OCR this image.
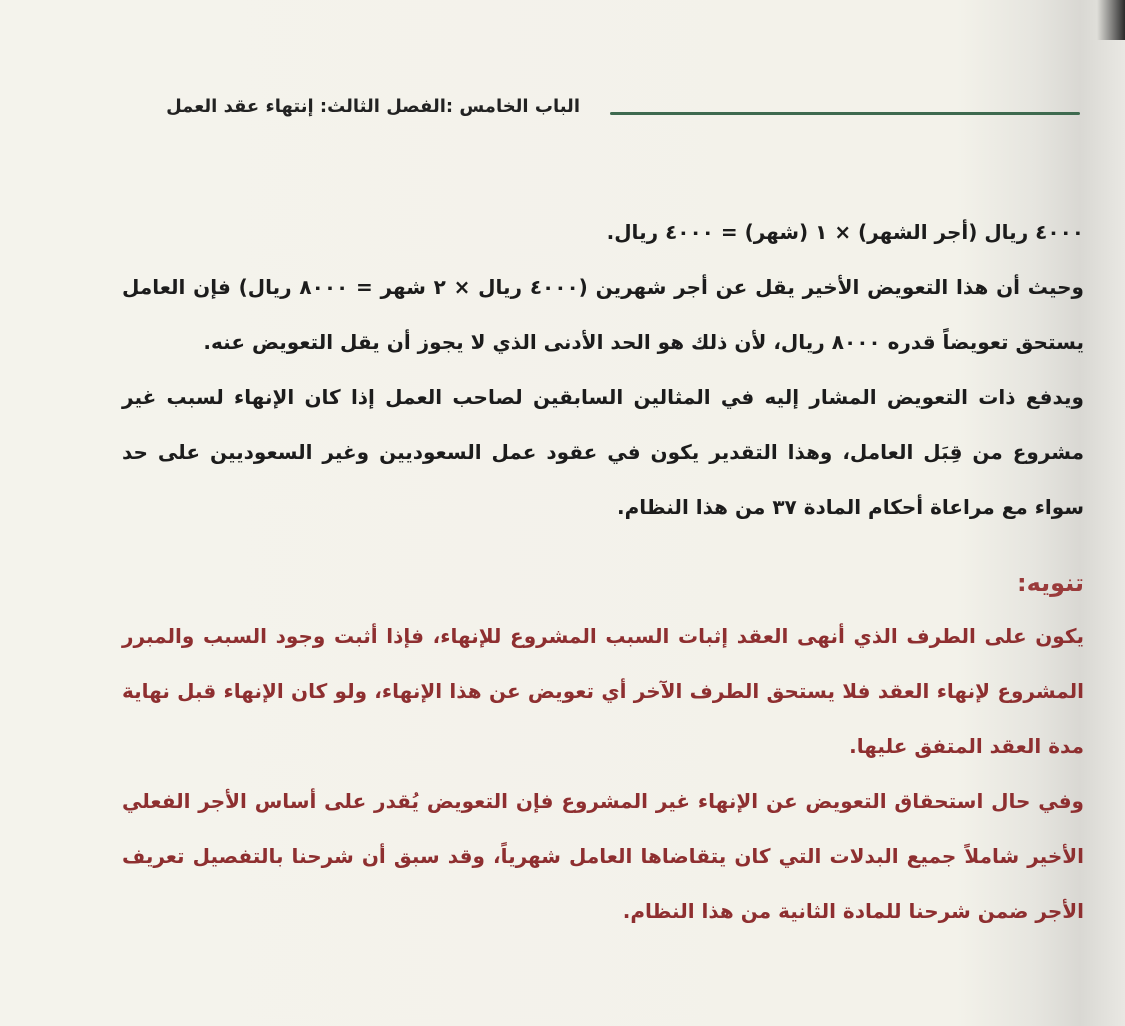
الباب الخامس :الفصل الثالث: إنتهاء عقد العمل

٤٠٠٠ ريال (أجر الشهر) × ١ (شهر) = ٤٠٠٠ ريال.

وحيث أن هذا التعويض الأخير يقل عن أجر شهرين (٤٠٠٠ ريال × ٢ شهر = ٨٠٠٠ ريال) فإن العامل يستحق تعويضاً قدره ٨٠٠٠ ريال، لأن ذلك هو الحد الأدنى الذي لا يجوز أن يقل التعويض عنه.

ويدفع ذات التعويض المشار إليه في المثالين السابقين لصاحب العمل إذا كان الإنهاء لسبب غير مشروع من قِبَل العامل، وهذا التقدير يكون في عقود عمل السعوديين وغير السعوديين على حد سواء مع مراعاة أحكام المادة ٣٧ من هذا النظام.

تنويه:

يكون على الطرف الذي أنهى العقد إثبات السبب المشروع للإنهاء، فإذا أثبت وجود السبب والمبرر المشروع لإنهاء العقد فلا يستحق الطرف الآخر أي تعويض عن هذا الإنهاء، ولو كان الإنهاء قبل نهاية مدة العقد المتفق عليها.

وفي حال استحقاق التعويض عن الإنهاء غير المشروع فإن التعويض يُقدر على أساس الأجر الفعلي الأخير شاملاً جميع البدلات التي كان يتقاضاها العامل شهرياً، وقد سبق أن شرحنا بالتفصيل تعريف الأجر ضمن شرحنا للمادة الثانية من هذا النظام.
